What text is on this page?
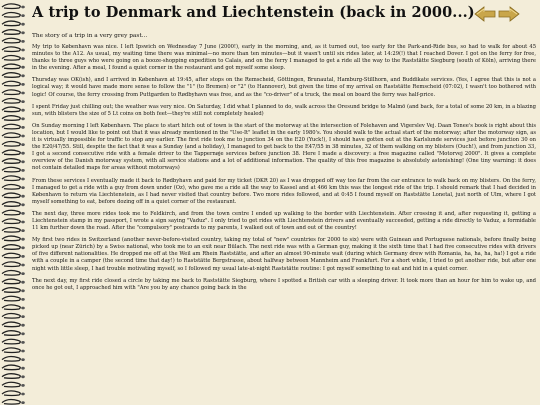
A trip to Denmark and Liechtenstein (back in 2000...)
The story of a trip in a very grey past...

My trip to København was nice. I left Ipswich on Wednesday 7 June (2000!), early in the morning, and, as it turned out, too early for the Park-and-Ride bus, so had to walk for about 45 minutes to the A12. As usual, my waiting time there was minimal—no more than ten minutes—but it wasn't until six rides later, at 14:29(!) that I reached Dover. I got on the ferry for free, thanks to three guys who were going on a booze-shopping expedition to Calais, and on the ferry I managed to get a ride all the way to the Raststätte Siegburg (south of Köln), arriving there in the evening. After a meal, I found a quiet corner in the restaurant and got myself some sleep.

Thursday was OK(ish), and I arrived in København at 19:45, after stops on the Remscheid, Göttingen, Brunautal, Hamburg-Stillhorn, and Buddikate services. (Yes, I agree that this is not a logical way; it would have made more sense to follow the "1" (to Bremen) or "2" (to Hannover), but given the time of my arrival on Raststätte Remscheid (07:02), I wasn't too bothered with logic! Of course, the ferry crossing from Puttgarden to Rødbyhavn was free, and as the "co-driver" of a truck, the meal on board the ferry was half-price.

I spent Friday just chilling out; the weather was very nice. On Saturday, I did what I planned to do, walk across the Oresund bridge to Malmö (and back, for a total of some 20 km, in a blazing sun, with blisters the size of 5 Lt coins on both feet—they're still not completely healed)

On Sunday morning I left København. The place to start hitch out of town is the start of the motorway at the intersection of Folehaven and Vigerslev Vej. Daan Tonee's book is right about this location, but I would like to point out that it was already mentioned in the "Use-It" leaflet in the early 1980's. You should walk to the actual start of the motorway; after the motorway sign, as it is virtually impossible for traffic to stop any earlier. The first ride took me to junction 34 on the E20 (Yuck!), I should have gotten out at the Karlslunde services just before junction 30 on the E20/47/55. Still, despite the fact that it was a Sunday (and a holiday), I managed to get back to the E47/55 in 38 minutes, 32 of them walking on my blisters (Ouch!), and from junction 33, I got a second consecutive ride with a female driver to the Tappernøje services before junction 38. Here I made a discovery: a free magazine called "Motorvej 2000". It gives a complete overview of the Danish motorway system, with all service stations and a lot of additional information. The quality of this free magazine is absolutely astonishing! (One tiny warning: it does not contain detailed maps for areas without motorways)

From these services I eventually made it back to Rødbyhavn and paid for my ticket (DKR 20) as I was dropped off way too far from the car entrance to walk back on my blisters. On the ferry, I managed to get a ride with a guy from down under (Oz), who gave me a ride all the way to Kassel and at 466 km this was the longest ride of the trip. I should remark that I had decided in København to return via Liechtenstein, as I had never visited that country before. Two more rides followed, and at 0:45 I found myself on Raststätte Lonetal, just north of Ulm, where I got myself something to eat, before dozing off in a quiet corner of the restaurant.

The next day, three more rides took me to Feldkirch, and from the town centre I ended up walking to the border with Liechtenstein. After crossing it and, after requesting it, getting a Liechtenstein stamp in my passport, I wrote a sign saying "Vaduz". I only tried to get rides with Liechtenstein drivers and eventually succeeded, getting a ride directly to Vaduz, a formidable 11 km further down the road. After the "compulsory" postcards to my parents, I walked out of town and out of the country!

My first two rides in Switzerland (another never-before-visited country, taking my total of "new" countries for 2000 to six) were with Guinean and Portuguese nationals, before finally being picked up (near Zürich) by a Swiss national, who took me to an exit near Bülach. The next ride was with a German guy, making it the sixth time that I had five consecutive rides with drivers of five different nationalities. He dropped me off at the Weil am Rhein Raststätte, and after an almost 90-minute wait (during which Germany drew with Romania, ha, ha, ha, ha!) I got a ride with a couple in a camper (the second time that day!) to Raststätte Bergstrasse, about halfway between Mannheim and Frankfurt. For a short while, I tried to get another ride, but after one night with little sleep, I had trouble motivating myself, so I followed my usual late-at-night Raststätte routine: I got myself something to eat and hid in a quiet corner.

The next day, my first ride closed a circle by taking me back to Raststätte Siegburg, where I spotted a British car with a sleeping driver. It took more than an hour for him to wake up, and once he got out, I approached him with "Are you by any chance going back in the
